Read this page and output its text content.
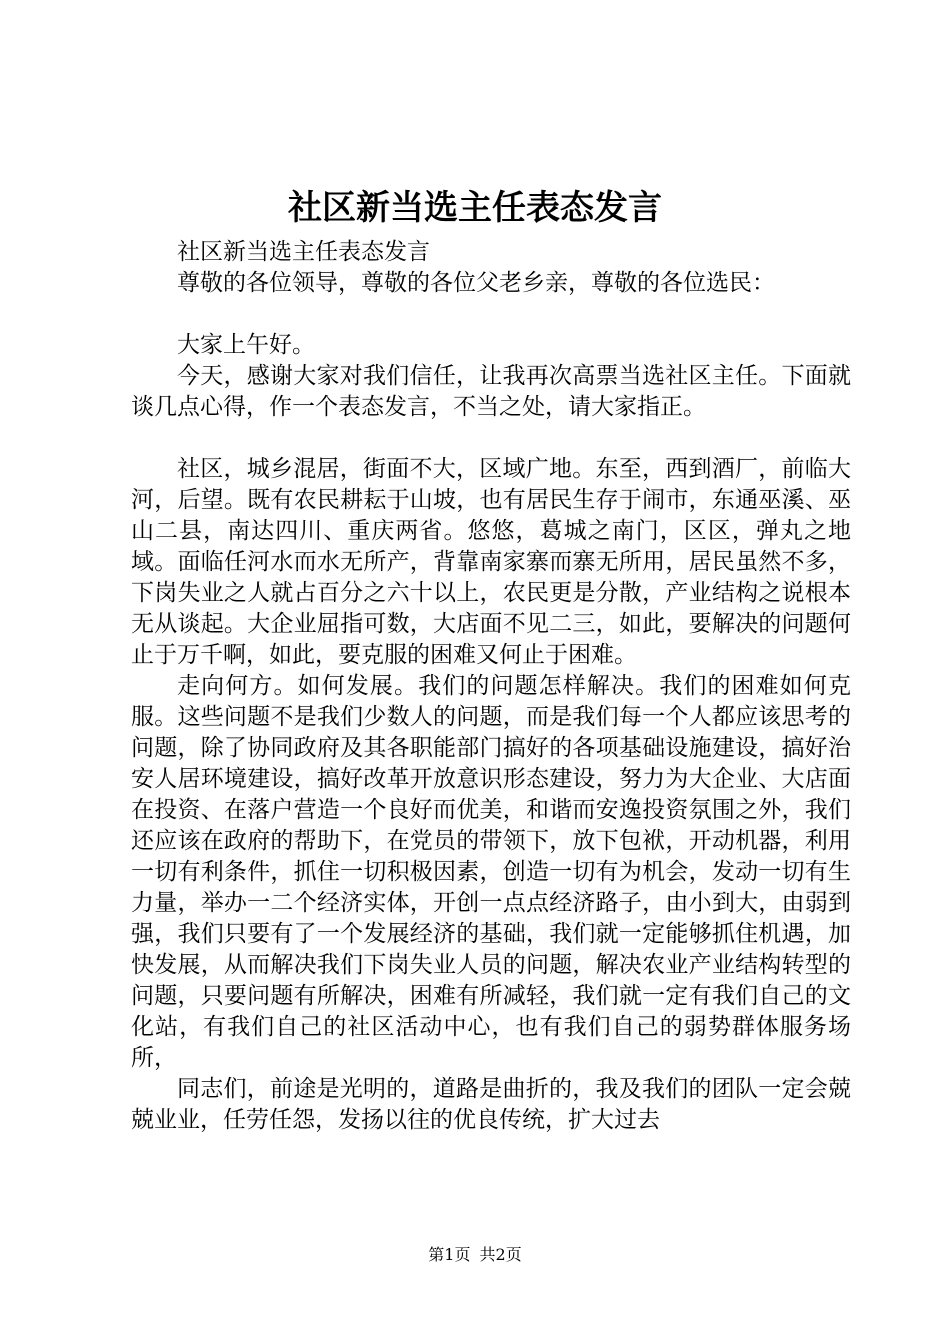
社区新当选主任表态发言

社区新当选主任表态发言

尊敬的各位领导，尊敬的各位父老乡亲，尊敬的各位选民：

大家上午好。

今天，感谢大家对我们信任，让我再次高票当选社区主任。下面就谈几点心得，作一个表态发言，不当之处，请大家指正。

社区，城乡混居，街面不大，区域广地。东至，西到酒厂，前临大河，后望。既有农民耕耘于山坡，也有居民生存于闹市，东通巫溪、巫山二县，南达四川、重庆两省。悠悠，葛城之南门，区区，弹丸之地域。面临任河水而水无所产，背靠南家寨而寨无所用，居民虽然不多，下岗失业之人就占百分之六十以上，农民更是分散，产业结构之说根本无从谈起。大企业屈指可数，大店面不见二三，如此，要解决的问题何止于万千啊，如此，要克服的困难又何止于困难。

走向何方。如何发展。我们的问题怎样解决。我们的困难如何克服。这些问题不是我们少数人的问题，而是我们每一个人都应该思考的问题，除了协同政府及其各职能部门搞好的各项基础设施建设，搞好治安人居环境建设，搞好改革开放意识形态建设，努力为大企业、大店面在投资、在落户营造一个良好而优美，和谐而安逸投资氛围之外，我们还应该在政府的帮助下，在党员的带领下，放下包袱，开动机器，利用一切有利条件，抓住一切积极因素，创造一切有为机会，发动一切有生力量，举办一二个经济实体，开创一点点经济路子，由小到大，由弱到强，我们只要有了一个发展经济的基础，我们就一定能够抓住机遇，加快发展，从而解决我们下岗失业人员的问题，解决农业产业结构转型的问题，只要问题有所解决，困难有所减轻，我们就一定有我们自己的文化站，有我们自己的社区活动中心，也有我们自己的弱势群体服务场所，

同志们，前途是光明的，道路是曲折的，我及我们的团队一定会兢兢业业，任劳任怨，发扬以往的优良传统，扩大过去

第1页 共2页
